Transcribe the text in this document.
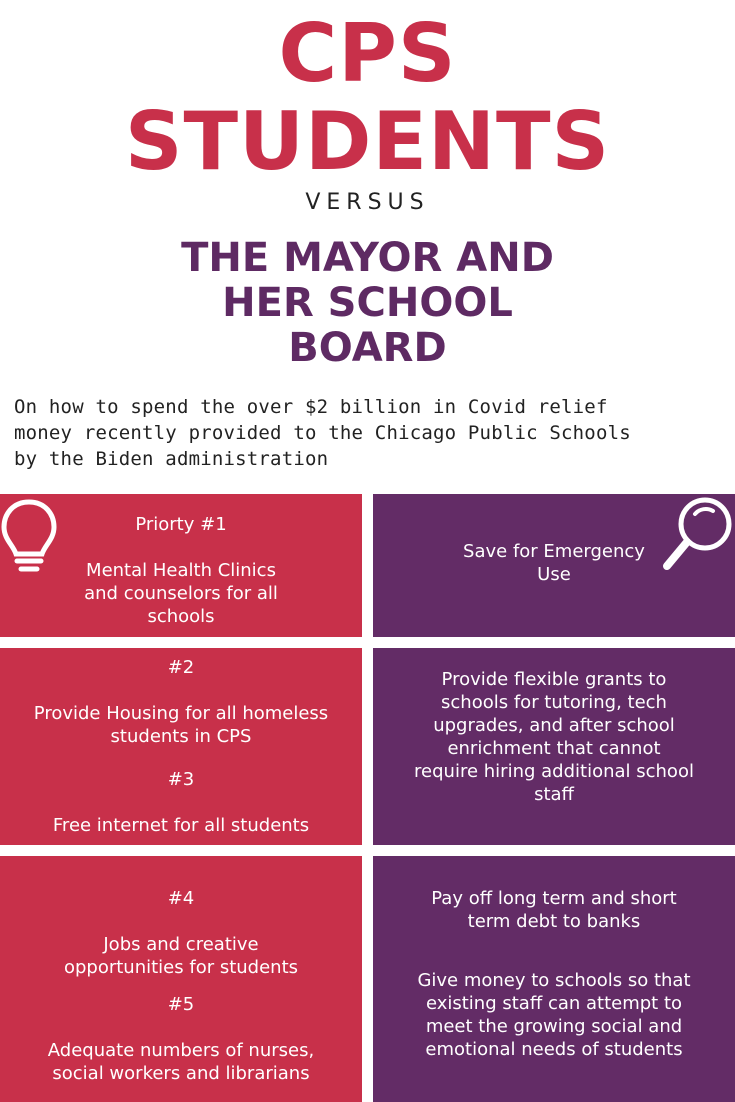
CPS
STUDENTS

VERSUS

THE MAYOR AND
HER SCHOOL
BOARD
On how to spend the over $2 billion in Covid relief
money recently provided to the Chicago Public Schools
by the Biden administration

Priorty #1

Mental Health Clinics

and counselors for all

schools

Save for Emergency

Use

#2

Provide Housing for all homeless

students in CPS

#3

Free internet for all students

Provide flexible grants to

schools for tutoring, tech

upgrades, and after school

enrichment that cannot

require hiring additional school

staff

#4

Jobs and creative

opportunities for students

#5

Adequate numbers of nurses,

social workers and librarians

Pay off long term and short

term debt to banks

Give money to schools so that

existing staff can attempt to

meet the growing social and

emotional needs of students
